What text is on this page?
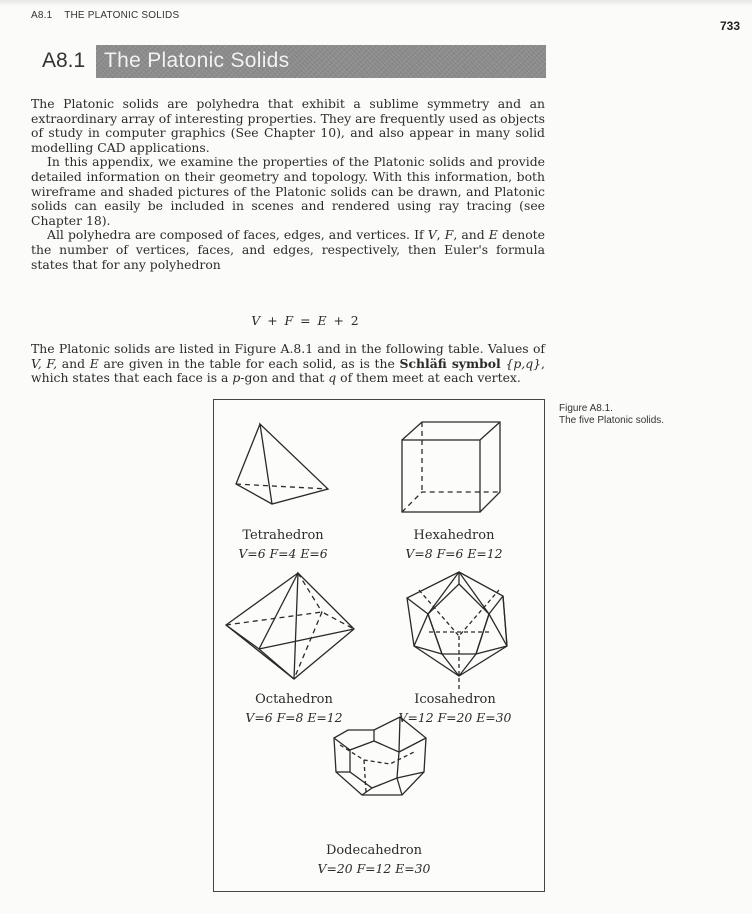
A8.1 THE PLATONIC SOLIDS
733
A8.1 The Platonic Solids

The Platonic solids are polyhedra that exhibit a sublime symmetry and an extraordinary array of interesting properties. They are frequently used as objects of study in computer graphics (See Chapter 10), and also appear in many solid modelling CAD applications.

In this appendix, we examine the properties of the Platonic solids and provide detailed information on their geometry and topology. With this information, both wireframe and shaded pictures of the Platonic solids can be drawn, and Platonic solids can easily be included in scenes and rendered using ray tracing (see Chapter 18).

All polyhedra are composed of faces, edges, and vertices. If V, F, and E denote the number of vertices, faces, and edges, respectively, then Euler's formula states that for any polyhedron

V + F = E + 2

The Platonic solids are listed in Figure A.8.1 and in the following table. Values of V, F, and E are given in the table for each solid, as is the Schläfi symbol {p,q}, which states that each face is a p-gon and that q of them meet at each vertex.

Tetrahedron
V=6 F=4 E=6
Hexahedron
V=8 F=6 E=12
Octahedron
V=6 F=8 E=12
Icosahedron
V=12 F=20 E=30
Dodecahedron
V=20 F=12 E=30
Figure A8.1.
The five Platonic solids.
